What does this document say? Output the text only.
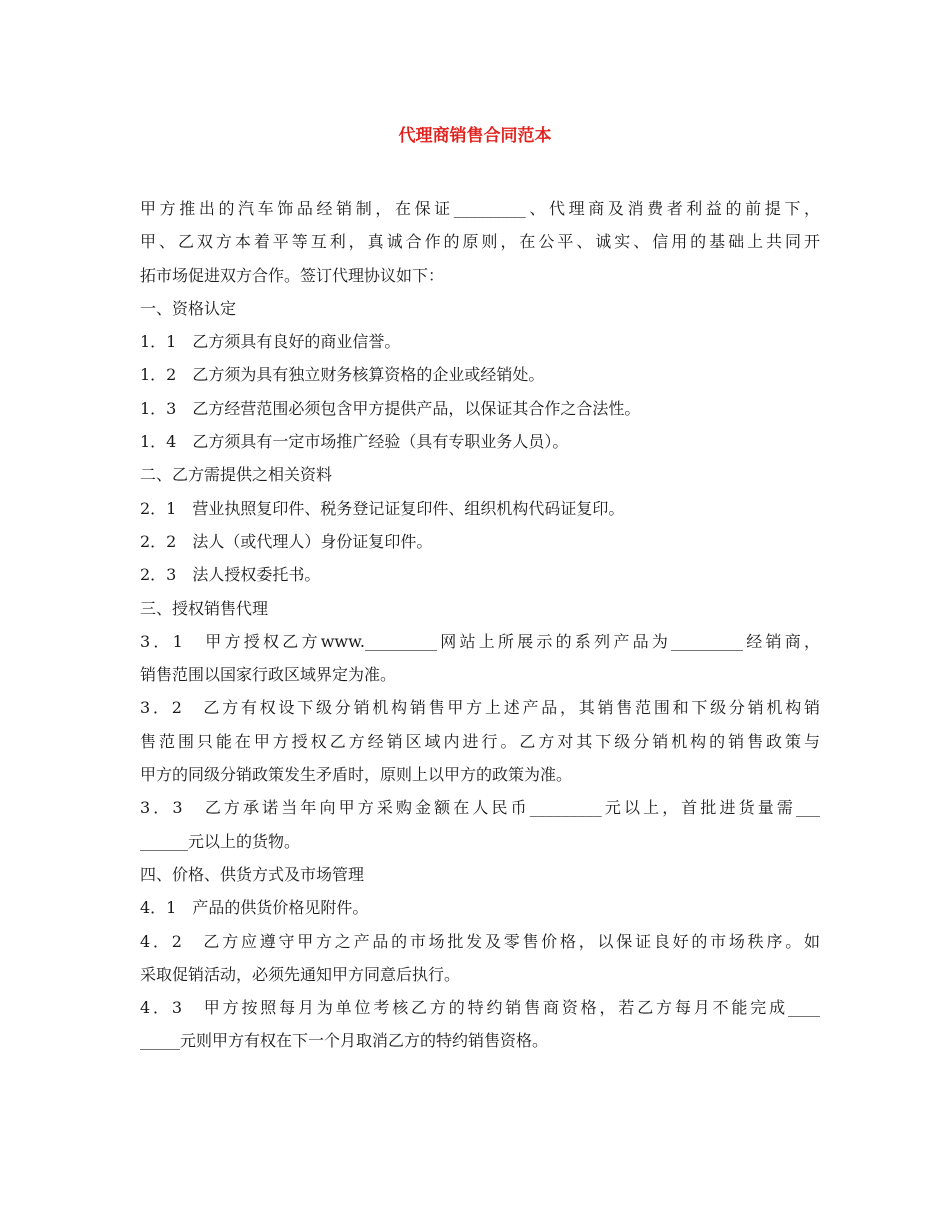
代理商销售合同范本
甲方推出的汽车饰品经销制，在保证_________、代理商及消费者利益的前提下，
甲、乙双方本着平等互利，真诚合作的原则，在公平、诚实、信用的基础上共同开
拓市场促进双方合作。签订代理协议如下：
一、资格认定
1．1　乙方须具有良好的商业信誉。
1．2　乙方须为具有独立财务核算资格的企业或经销处。
1．3　乙方经营范围必须包含甲方提供产品，以保证其合作之合法性。
1．4　乙方须具有一定市场推广经验（具有专职业务人员）。
二、乙方需提供之相关资料
2．1　营业执照复印件、税务登记证复印件、组织机构代码证复印。
2．2　法人（或代理人）身份证复印件。
2．3　法人授权委托书。
三、授权销售代理
3．1　甲方授权乙方www._________网站上所展示的系列产品为_________经销商，
销售范围以国家行政区域界定为准。
3．2　乙方有权设下级分销机构销售甲方上述产品，其销售范围和下级分销机构销
售范围只能在甲方授权乙方经销区域内进行。乙方对其下级分销机构的销售政策与
甲方的同级分销政策发生矛盾时，原则上以甲方的政策为准。
3．3　乙方承诺当年向甲方采购金额在人民币_________元以上，首批进货量需___
______元以上的货物。
四、价格、供货方式及市场管理
4．1　产品的供货价格见附件。
4．2　乙方应遵守甲方之产品的市场批发及零售价格，以保证良好的市场秩序。如
采取促销活动，必须先通知甲方同意后执行。
4．3　甲方按照每月为单位考核乙方的特约销售商资格，若乙方每月不能完成____
_____元则甲方有权在下一个月取消乙方的特约销售资格。
